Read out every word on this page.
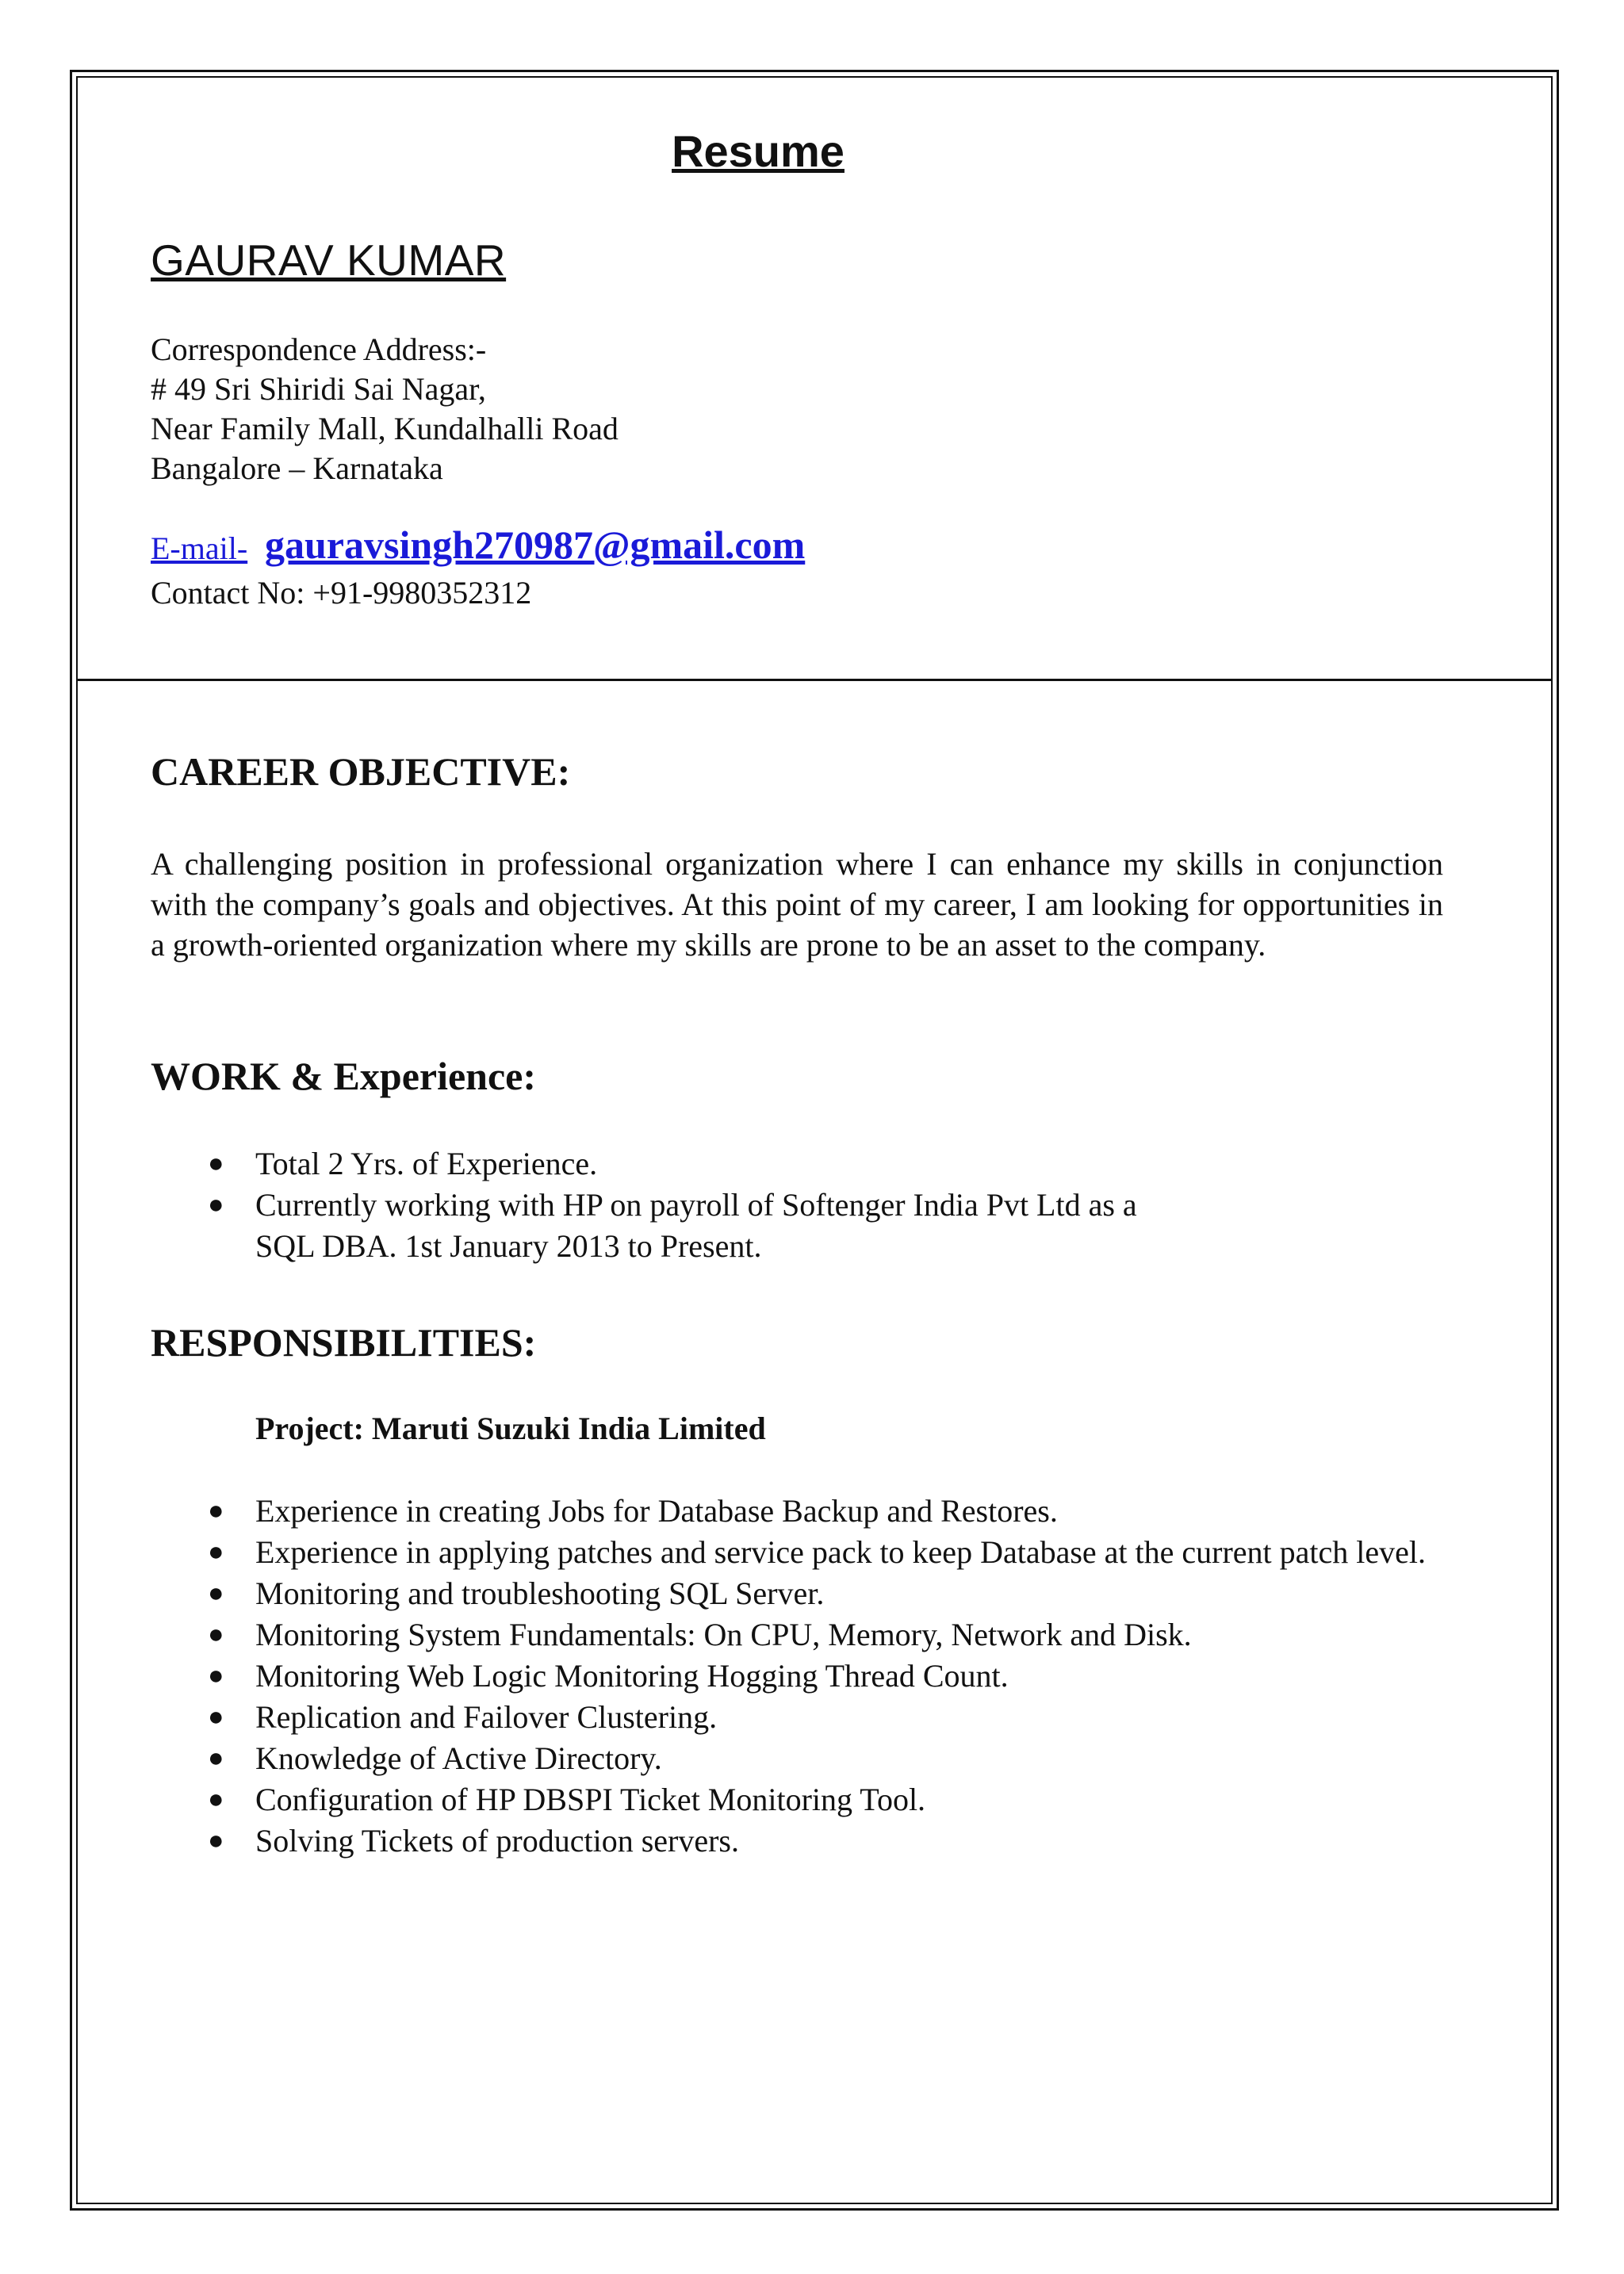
Resume
GAURAV KUMAR
Correspondence Address:-
# 49 Sri Shiridi Sai Nagar,
Near Family Mall, Kundalhalli Road
Bangalore – Karnataka
E-mail- gauravsingh270987@gmail.com
Contact No: +91-9980352312
CAREER OBJECTIVE:

A challenging position in professional organization where I can enhance my skills in conjunction with the company’s goals and objectives. At this point of my career, I am looking for opportunities in a growth-oriented organization where my skills are prone to be an asset to the company.

WORK & Experience:
● Total 2 Yrs. of Experience.
● Currently working with HP on payroll of Softenger India Pvt Ltd as a
SQL DBA. 1st January 2013 to Present.
RESPONSIBILITIES:
Project: Maruti Suzuki India Limited
● Experience in creating Jobs for Database Backup and Restores.
● Experience in applying patches and service pack to keep Database at the current patch level.
● Monitoring and troubleshooting SQL Server.
● Monitoring System Fundamentals: On CPU, Memory, Network and Disk.
● Monitoring Web Logic Monitoring Hogging Thread Count.
● Replication and Failover Clustering.
● Knowledge of Active Directory.
● Configuration of HP DBSPI Ticket Monitoring Tool.
● Solving Tickets of production servers.
